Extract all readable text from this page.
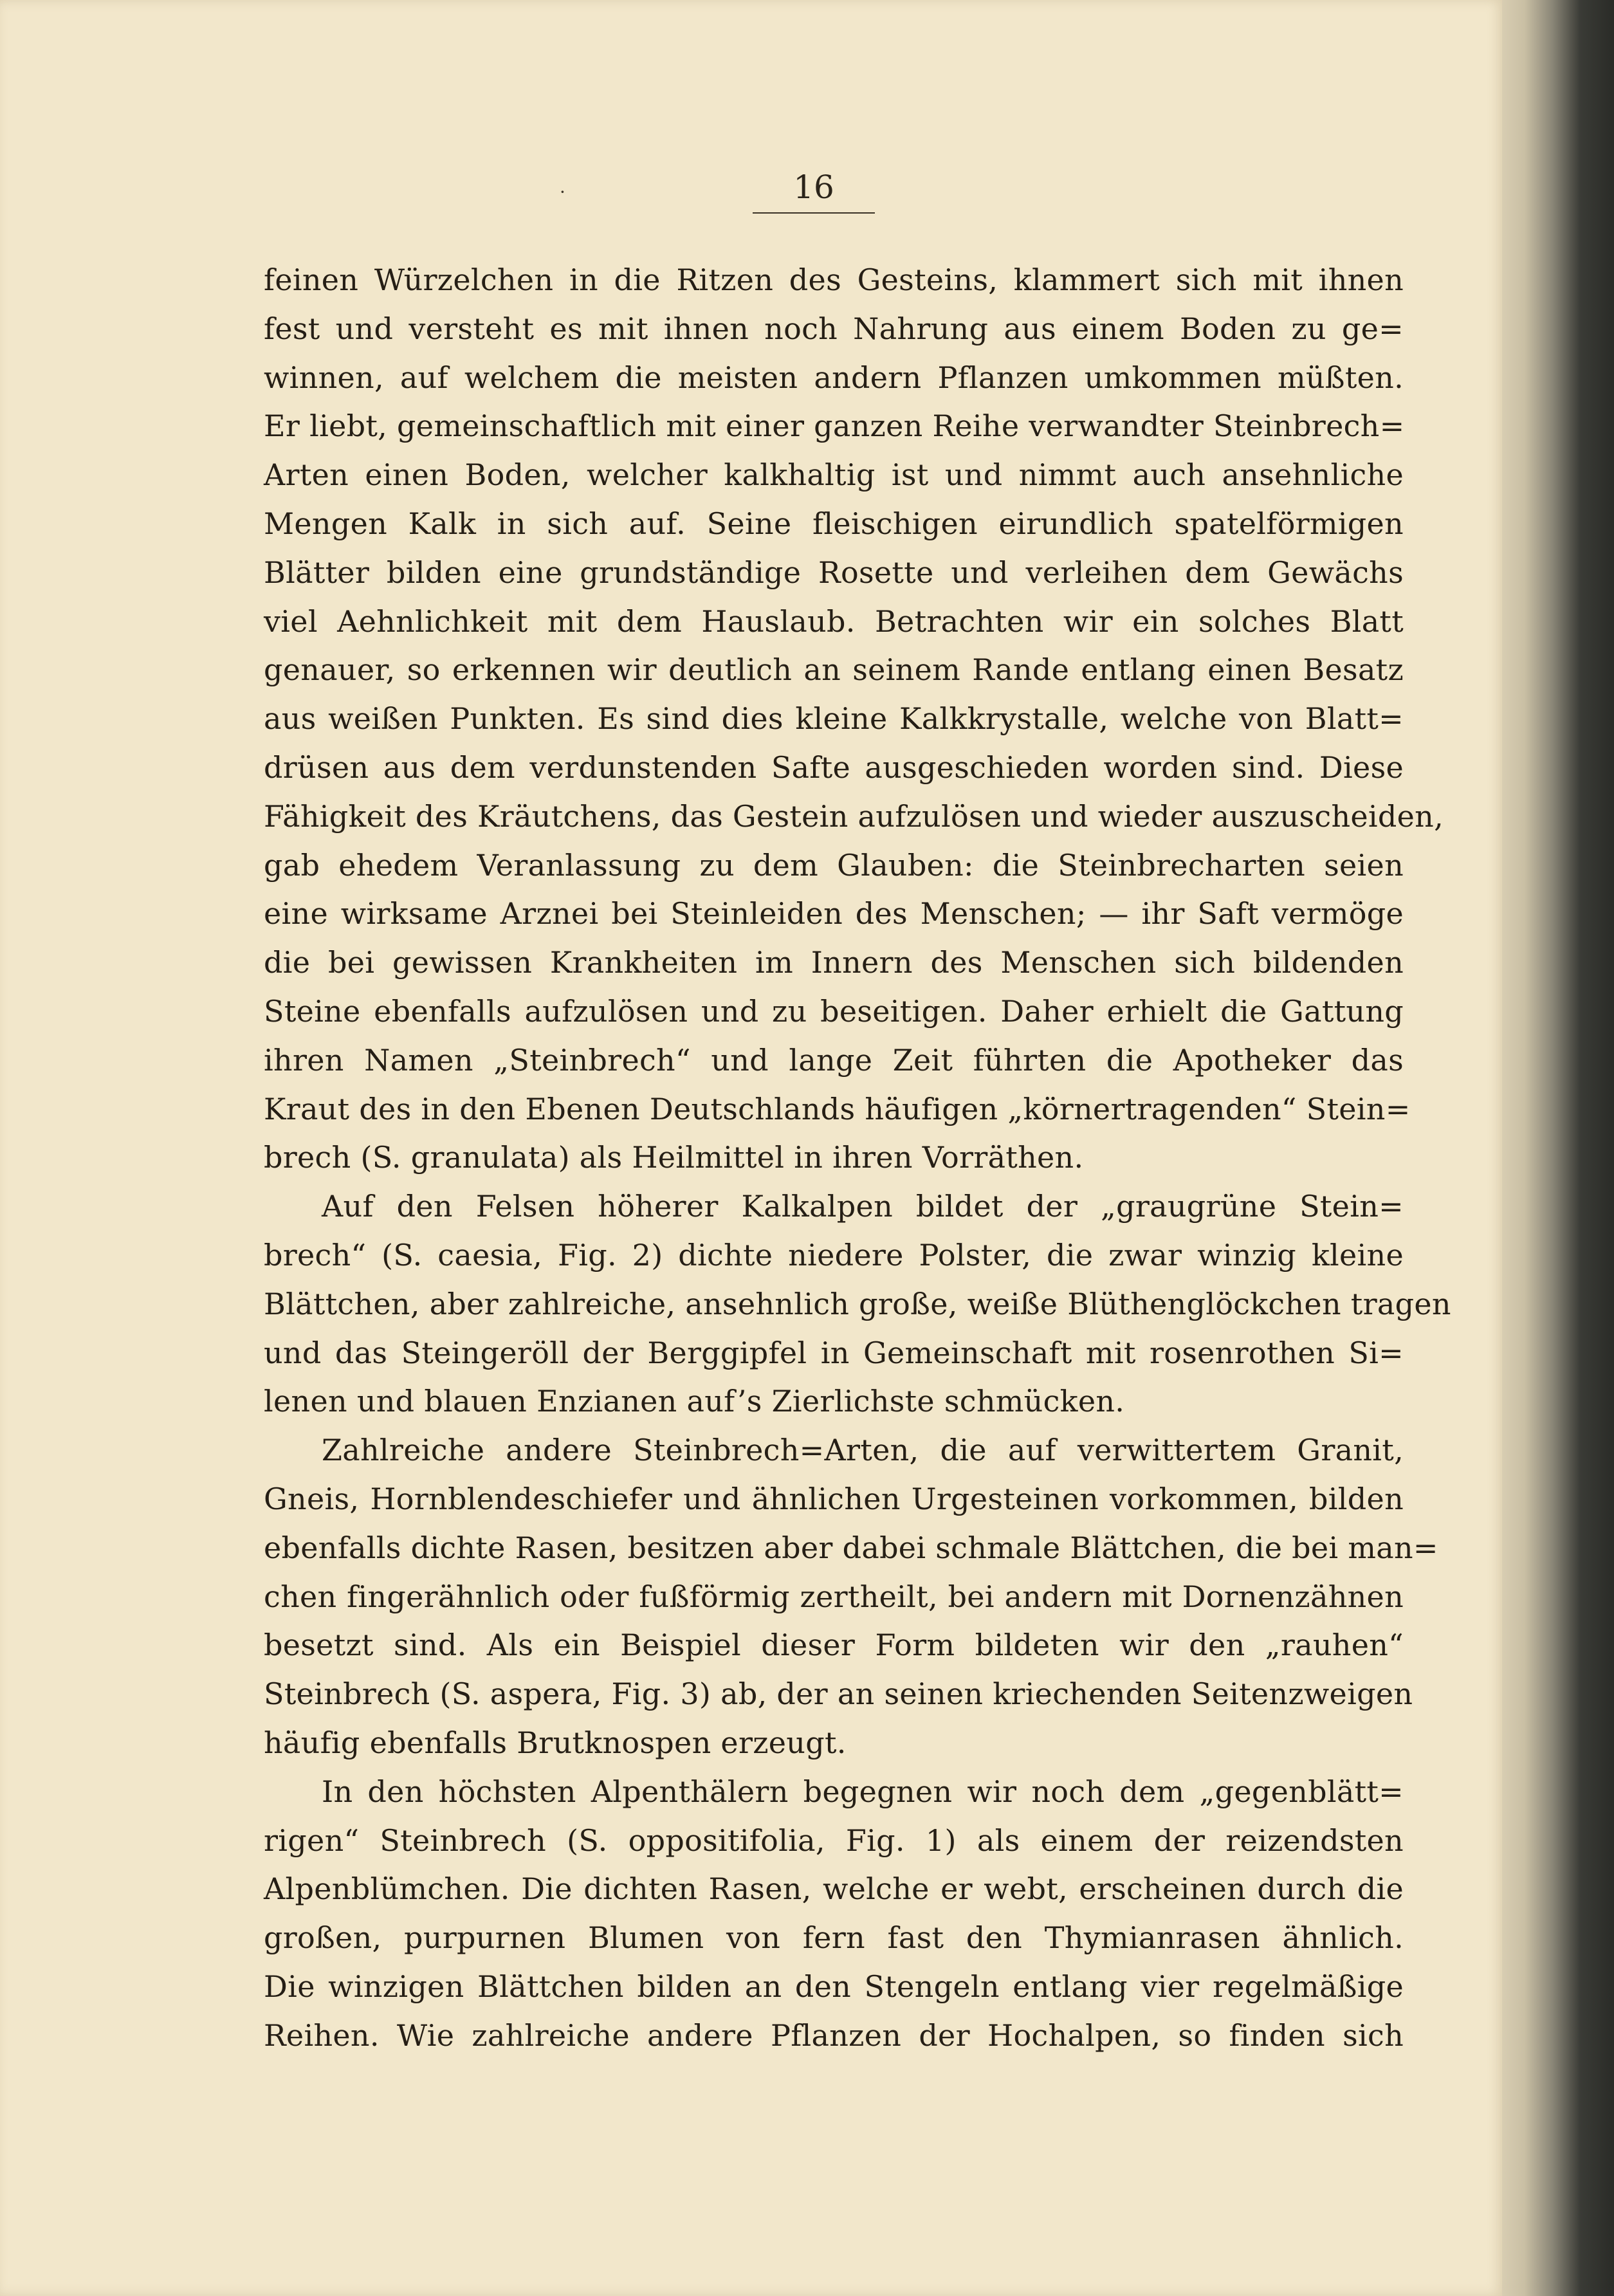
·	16
feinen Würzelchen in die Ritzen des Gesteins, klammert sich mit ihnen
fest und versteht es mit ihnen noch Nahrung aus einem Boden zu ge=
winnen, auf welchem die meisten andern Pflanzen umkommen müßten.
Er liebt, gemeinschaftlich mit einer ganzen Reihe verwandter Steinbrech=
Arten einen Boden, welcher kalkhaltig ist und nimmt auch ansehnliche
Mengen Kalk in sich auf. Seine fleischigen eirundlich spatelförmigen
Blätter bilden eine grundständige Rosette und verleihen dem Gewächs
viel Aehnlichkeit mit dem Hauslaub. Betrachten wir ein solches Blatt
genauer, so erkennen wir deutlich an seinem Rande entlang einen Besatz
aus weißen Punkten. Es sind dies kleine Kalkkrystalle, welche von Blatt=
drüsen aus dem verdunstenden Safte ausgeschieden worden sind. Diese
Fähigkeit des Kräutchens, das Gestein aufzulösen und wieder auszuscheiden,
gab ehedem Veranlassung zu dem Glauben: die Steinbrecharten seien
eine wirksame Arznei bei Steinleiden des Menschen; — ihr Saft vermöge
die bei gewissen Krankheiten im Innern des Menschen sich bildenden
Steine ebenfalls aufzulösen und zu beseitigen. Daher erhielt die Gattung
ihren Namen „Steinbrech“ und lange Zeit führten die Apotheker das
Kraut des in den Ebenen Deutschlands häufigen „körnertragenden“ Stein=
brech (S. granulata) als Heilmittel in ihren Vorräthen.
Auf den Felsen höherer Kalkalpen bildet der „graugrüne Stein=
brech“ (S. caesia, Fig. 2) dichte niedere Polster, die zwar winzig kleine
Blättchen, aber zahlreiche, ansehnlich große, weiße Blüthenglöckchen tragen
und das Steingeröll der Berggipfel in Gemeinschaft mit rosenrothen Si=
lenen und blauen Enzianen auf’s Zierlichste schmücken.
Zahlreiche andere Steinbrech=Arten, die auf verwittertem Granit,
Gneis, Hornblendeschiefer und ähnlichen Urgesteinen vorkommen, bilden
ebenfalls dichte Rasen, besitzen aber dabei schmale Blättchen, die bei man=
chen fingerähnlich oder fußförmig zertheilt, bei andern mit Dornenzähnen
besetzt sind. Als ein Beispiel dieser Form bildeten wir den „rauhen“
Steinbrech (S. aspera, Fig. 3) ab, der an seinen kriechenden Seitenzweigen
häufig ebenfalls Brutknospen erzeugt.
In den höchsten Alpenthälern begegnen wir noch dem „gegenblätt=
rigen“ Steinbrech (S. oppositifolia, Fig. 1) als einem der reizendsten
Alpenblümchen. Die dichten Rasen, welche er webt, erscheinen durch die
großen, purpurnen Blumen von fern fast den Thymianrasen ähnlich.
Die winzigen Blättchen bilden an den Stengeln entlang vier regelmäßige
Reihen. Wie zahlreiche andere Pflanzen der Hochalpen, so finden sich
